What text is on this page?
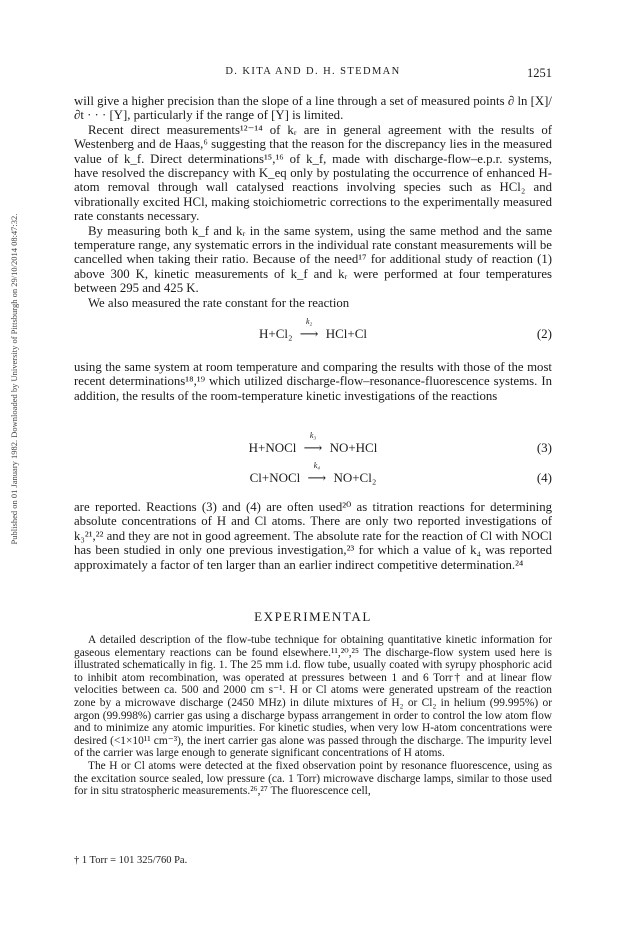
Published on 01 January 1982. Downloaded by University of Pittsburgh on 29/10/2014 08:47:32.
D. KITA AND D. H. STEDMAN	1251

will give a higher precision than the slope of a line through a set of measured points ∂ ln [X]/∂t · · · [Y], particularly if the range of [Y] is limited.

Recent direct measurements¹²⁻¹⁴ of kᵣ are in general agreement with the results of Westenberg and de Haas,⁶ suggesting that the reason for the discrepancy lies in the measured value of k_f. Direct determinations¹⁵,¹⁶ of k_f, made with discharge-flow–e.p.r. systems, have resolved the discrepancy with K_eq only by postulating the occurrence of enhanced H-atom removal through wall catalysed reactions involving species such as HCl₂ and vibrationally excited HCl, making stoichiometric corrections to the experimentally measured rate constants necessary.

By measuring both k_f and kᵣ in the same system, using the same method and the same temperature range, any systematic errors in the individual rate constant measurements will be cancelled when taking their ratio. Because of the need¹⁷ for additional study of reaction (1) above 300 K, kinetic measurements of k_f and kᵣ were performed at four temperatures between 295 and 425 K.

We also measured the rate constant for the reaction

H+Cl₂
k₂
⟶ HCl+Cl	(2)

using the same system at room temperature and comparing the results with those of the most recent determinations¹⁸,¹⁹ which utilized discharge-flow–resonance-fluorescence systems. In addition, the results of the room-temperature kinetic investigations of the reactions

H+NOCl
k₃
⟶ NO+HCl	(3)
Cl+NOCl
k₄
⟶ NO+Cl₂	(4)

are reported. Reactions (3) and (4) are often used²⁰ as titration reactions for determining absolute concentrations of H and Cl atoms. There are only two reported investigations of k₃²¹,²² and they are not in good agreement. The absolute rate for the reaction of Cl with NOCl has been studied in only one previous investigation,²³ for which a value of k₄ was reported approximately a factor of ten larger than an earlier indirect competitive determination.²⁴

EXPERIMENTAL

A detailed description of the flow-tube technique for obtaining quantitative kinetic information for gaseous elementary reactions can be found elsewhere.¹¹,²⁰,²⁵ The discharge-flow system used here is illustrated schematically in fig. 1. The 25 mm i.d. flow tube, usually coated with syrupy phosphoric acid to inhibit atom recombination, was operated at pressures between 1 and 6 Torr† and at linear flow velocities between ca. 500 and 2000 cm s⁻¹. H or Cl atoms were generated upstream of the reaction zone by a microwave discharge (2450 MHz) in dilute mixtures of H₂ or Cl₂ in helium (99.995%) or argon (99.998%) carrier gas using a discharge bypass arrangement in order to control the low atom flow and to minimize any atomic impurities. For kinetic studies, when very low H-atom concentrations were desired (<1×10¹¹ cm⁻³), the inert carrier gas alone was passed through the discharge. The impurity level of the carrier was large enough to generate significant concentrations of H atoms.

The H or Cl atoms were detected at the fixed observation point by resonance fluorescence, using as the excitation source sealed, low pressure (ca. 1 Torr) microwave discharge lamps, similar to those used for in situ stratospheric measurements.²⁶,²⁷ The fluorescence cell,

† 1 Torr = 101 325/760 Pa.
